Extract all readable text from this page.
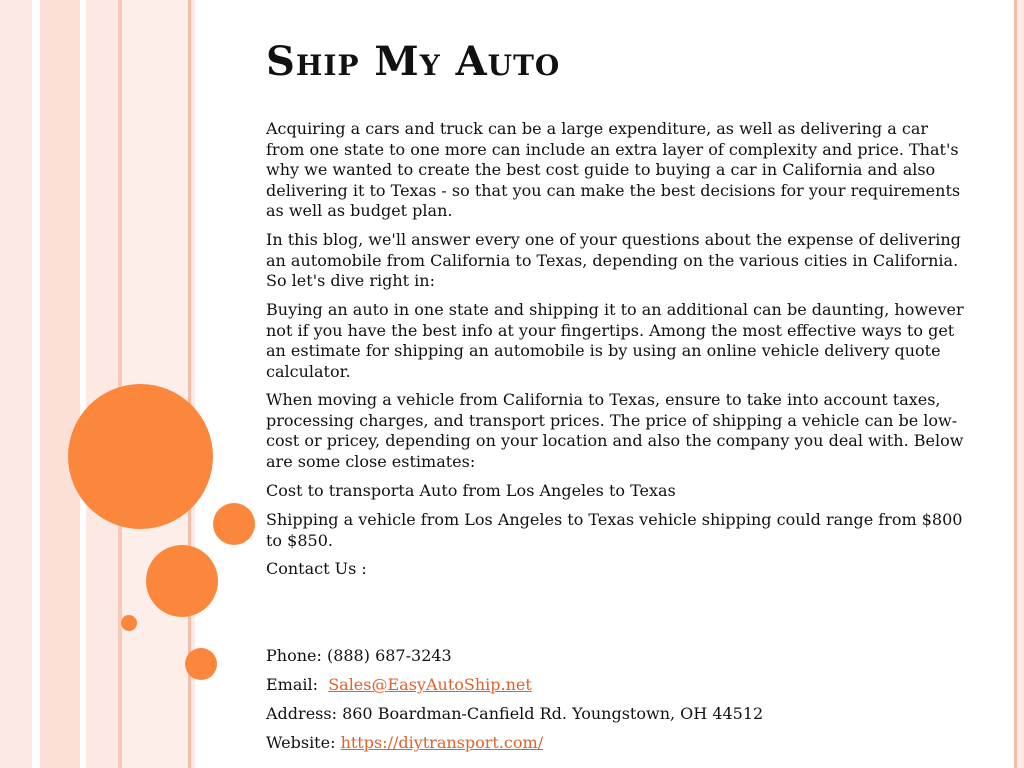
Ship My Auto

Acquiring a cars and truck can be a large expenditure, as well as delivering a car from one state to one more can include an extra layer of complexity and price. That's why we wanted to create the best cost guide to buying a car in California and also delivering it to Texas - so that you can make the best decisions for your requirements as well as budget plan.

In this blog, we'll answer every one of your questions about the expense of delivering an automobile from California to Texas, depending on the various cities in California. So let's dive right in:

Buying an auto in one state and shipping it to an additional can be daunting, however not if you have the best info at your fingertips. Among the most effective ways to get an estimate for shipping an automobile is by using an online vehicle delivery quote calculator.

When moving a vehicle from California to Texas, ensure to take into account taxes, processing charges, and transport prices. The price of shipping a vehicle can be low-cost or pricey, depending on your location and also the company you deal with. Below are some close estimates:

Cost to transporta Auto from Los Angeles to Texas

Shipping a vehicle from Los Angeles to Texas vehicle shipping could range from $800 to $850.

Contact Us :

Phone: (888) 687-3243

Email:  Sales@EasyAutoShip.net

Address: 860 Boardman-Canfield Rd. Youngstown, OH 44512

Website: https://diytransport.com/
